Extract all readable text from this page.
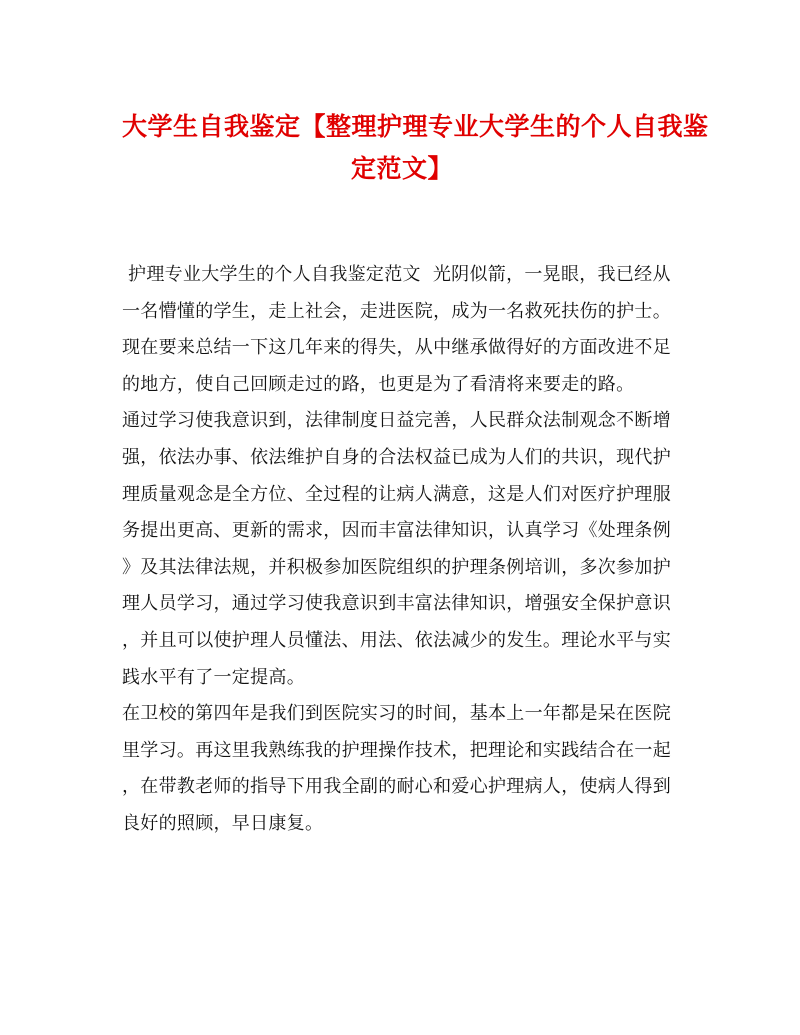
大学生自我鉴定【整理护理专业大学生的个人自我鉴
定范文】
护理专业大学生的个人自我鉴定范文  光阴似箭，一晃眼，我已经从
一名懵懂的学生，走上社会，走进医院，成为一名救死扶伤的护士。
现在要来总结一下这几年来的得失，从中继承做得好的方面改进不足
的地方，使自己回顾走过的路，也更是为了看清将来要走的路。
通过学习使我意识到，法律制度日益完善，人民群众法制观念不断增
强，依法办事、依法维护自身的合法权益已成为人们的共识，现代护
理质量观念是全方位、全过程的让病人满意，这是人们对医疗护理服
务提出更高、更新的需求，因而丰富法律知识，认真学习《处理条例
》及其法律法规，并积极参加医院组织的护理条例培训，多次参加护
理人员学习，通过学习使我意识到丰富法律知识，增强安全保护意识
，并且可以使护理人员懂法、用法、依法减少的发生。理论水平与实
践水平有了一定提高。
在卫校的第四年是我们到医院实习的时间，基本上一年都是呆在医院
里学习。再这里我熟练我的护理操作技术，把理论和实践结合在一起
，在带教老师的指导下用我全副的耐心和爱心护理病人，使病人得到
良好的照顾，早日康复。
